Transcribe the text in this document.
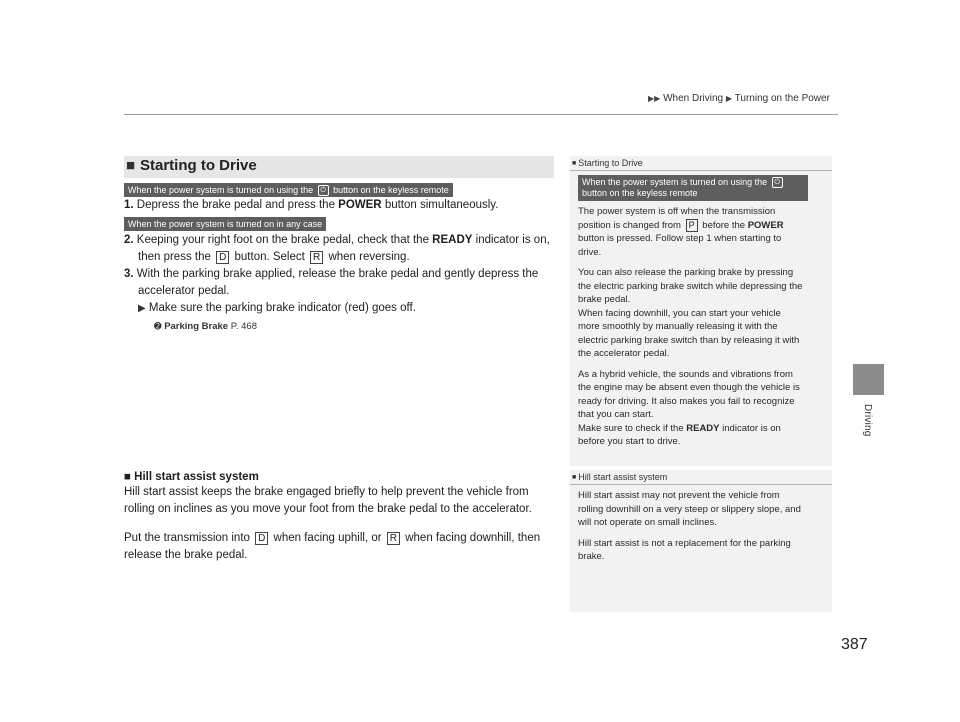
▶▶ When Driving ▶ Turning on the Power
Driving
■ Starting to Drive
When the power system is turned on using the ⏻ button on the keyless remote
When the power system is turned on in any case
1. Depress the brake pedal and press the POWER button simultaneously.
2. Keeping your right foot on the brake pedal, check that the READY indicator is on,
then press the D button. Select R when reversing.
3. With the parking brake applied, release the brake pedal and gently depress the
accelerator pedal.
▶ Make sure the parking brake indicator (red) goes off.
➋ Parking Brake P. 468
■ Hill start assist system
Hill start assist keeps the brake engaged briefly to help prevent the vehicle from
rolling on inclines as you move your foot from the brake pedal to the accelerator.
Put the transmission into D when facing uphill, or R when facing downhill, then
release the brake pedal.
■ Starting to Drive
When the power system is turned on using the ⏻
button on the keyless remote
The power system is off when the transmission
position is changed from P before the POWER
button is pressed. Follow step 1 when starting to
drive.
You can also release the parking brake by pressing
the electric parking brake switch while depressing the
brake pedal.
When facing downhill, you can start your vehicle
more smoothly by manually releasing it with the
electric parking brake switch than by releasing it with
the accelerator pedal.
As a hybrid vehicle, the sounds and vibrations from
the engine may be absent even though the vehicle is
ready for driving. It also makes you fail to recognize
that you can start.
Make sure to check if the READY indicator is on
before you start to drive.
■ Hill start assist system
Hill start assist may not prevent the vehicle from
rolling downhill on a very steep or slippery slope, and
will not operate on small inclines.
Hill start assist is not a replacement for the parking
brake.
387
